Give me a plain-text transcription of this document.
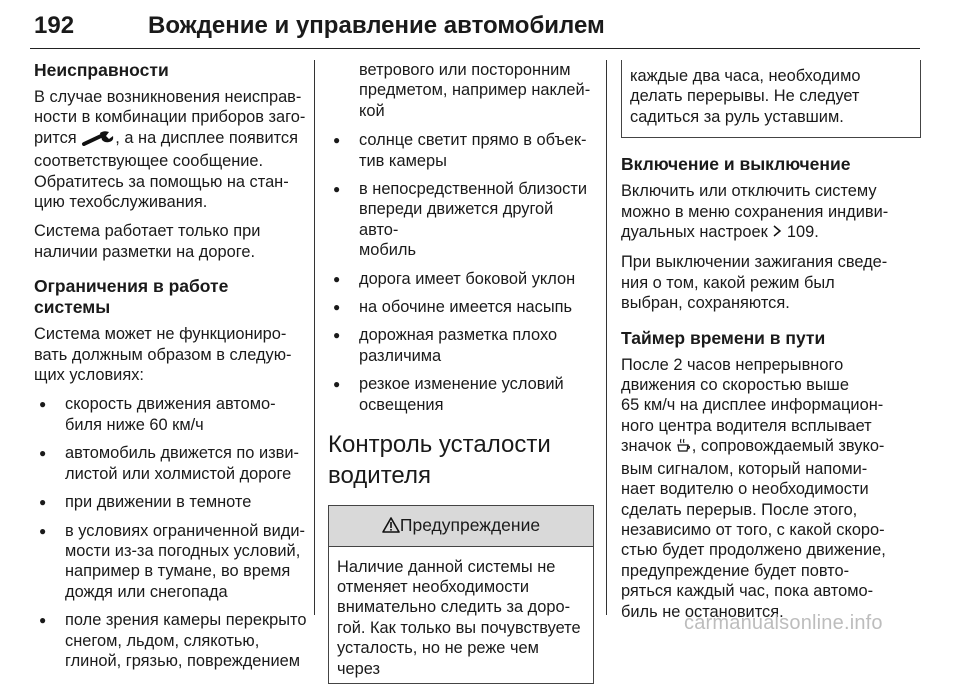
192	Вождение и управление автомобилем
Неисправности

В случае возникновения неисправ-
ности в комбинации приборов заго-
рится , а на дисплее появится
соответствующее сообщение.
Обратитесь за помощью на стан-
цию техобслуживания.

Система работает только при
наличии разметки на дороге.

Ограничения в работе системы

Система может не функциониро-
вать должным образом в следую-
щих условиях:

● скорость движения автомо-
биля ниже 60 км/ч
● автомобиль движется по изви-
листой или холмистой дороге
● при движении в темноте
● в условиях ограниченной види-
мости из-за погодных условий,
например в тумане, во время
дождя или снегопада
● поле зрения камеры перекрыто
снегом, льдом, слякотью,
глиной, грязью, повреждением

ветрового или посторонним
предметом, например наклей-
кой

● солнце светит прямо в объек-
тив камеры
● в непосредственной близости
впереди движется другой авто-
мобиль
● дорога имеет боковой уклон
● на обочине имеется насыпь
● дорожная разметка плохо
различима
● резкое изменение условий
освещения
Контроль усталости
водителя
Предупреждение
Наличие данной системы не
отменяет необходимости
внимательно следить за доро-
гой. Как только вы почувствуете
усталость, но не реже чем через
каждые два часа, необходимо
делать перерывы. Не следует
садиться за руль уставшим.
Включение и выключение

Включить или отключить систему
можно в меню сохранения индиви-
дуальных настроек 109.

При выключении зажигания сведе-
ния о том, какой режим был
выбран, сохраняются.

Таймер времени в пути

После 2 часов непрерывного
движения со скоростью выше
65 км/ч на дисплее информацион-
ного центра водителя всплывает
значок , сопровождаемый звуко-
вым сигналом, который напоми-
нает водителю о необходимости
сделать перерыв. После этого,
независимо от того, с какой скоро-
стью будет продолжено движение,
предупреждение будет повто-
ряться каждый час, пока автомо-
биль не остановится.

carmanualsonline.info
